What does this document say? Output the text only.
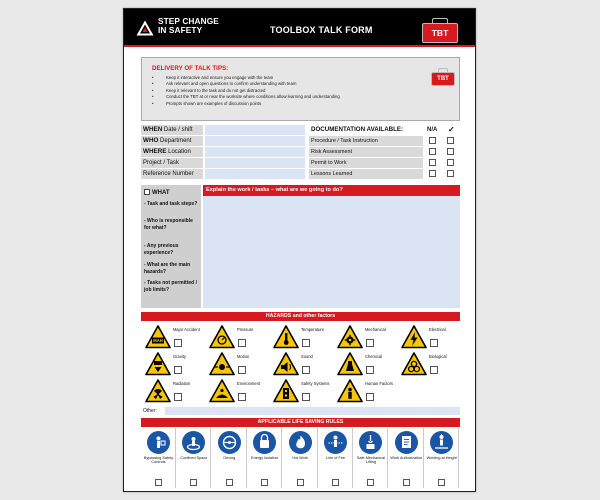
STEP CHANGE
IN SAFETY	TOOLBOX TALK FORM	TBT
DELIVERY OF TALK TIPS:
•	Keep it interactive and ensure you engage with the team
•	Ask relevant and open questions to confirm understanding with team
•	Keep it relevant to the task and do not get distracted
•	Conduct the TBT at or near the worksite where conditions allow learning and understanding
•	Prompts shown are examples of discussion points
TBT
WHEN Date / shift	DOCUMENTATION AVAILABLE:	N/A ✓
WHO Department	Procedure / Task Instruction
WHERE Location	Risk Assessment
Project / Task	Permit to Work
Reference Number	Lessons Learned
WHAT
- Task and task steps?
- Who is responsible for what?
- Any previous experience?
- What are the main hazards?
- Tasks not permitted / job limits?
Explain the work / tasks – what are we going to do?
HAZARDS and other factors
MAH
Major Accident	Pressure	Temperature	Mechanical	Electrical
Gravity	Motion	Sound	Chemical	Biological
Radiation	Environment	Safety Systems	Human Factors
Other:
APPLICABLE LIFE SAVING RULES
Bypassing Safety Controls
Confined Space	Driving	Energy Isolation	Hot Work	Line of Fire	Safe Mechanical Lifting
Work Authorization	Working at Height
